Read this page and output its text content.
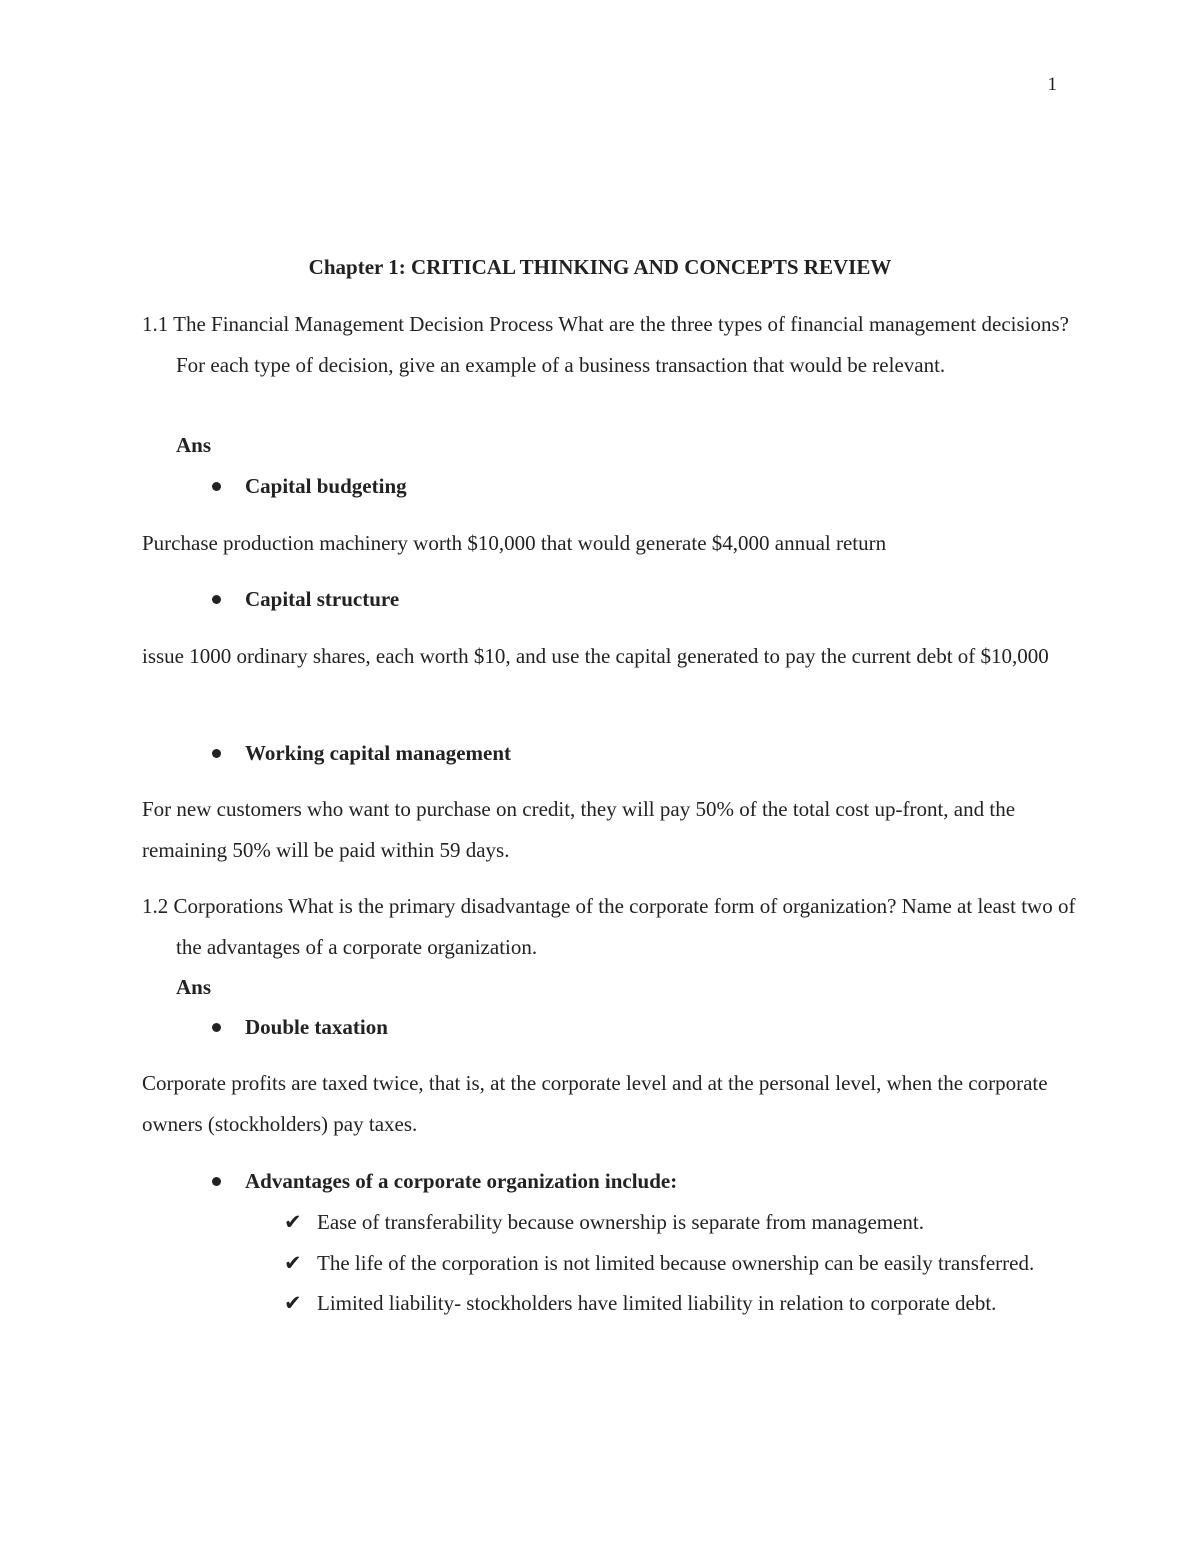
1
Chapter 1: CRITICAL THINKING AND CONCEPTS REVIEW
1.1 The Financial Management Decision Process What are the three types of financial management decisions? For each type of decision, give an example of a business transaction that would be relevant.
Ans
Capital budgeting
Purchase production machinery worth $10,000 that would generate $4,000 annual return
Capital structure
issue 1000 ordinary shares, each worth $10, and use the capital generated to pay the current debt of $10,000
Working capital management
For new customers who want to purchase on credit, they will pay 50% of the total cost up-front, and the remaining 50% will be paid within 59 days.
1.2 Corporations What is the primary disadvantage of the corporate form of organization? Name at least two of the advantages of a corporate organization.
Ans
Double taxation
Corporate profits are taxed twice, that is, at the corporate level and at the personal level, when the corporate owners (stockholders) pay taxes.
Advantages of a corporate organization include:
✔ Ease of transferability because ownership is separate from management.
✔ The life of the corporation is not limited because ownership can be easily transferred.
✔ Limited liability- stockholders have limited liability in relation to corporate debt.
